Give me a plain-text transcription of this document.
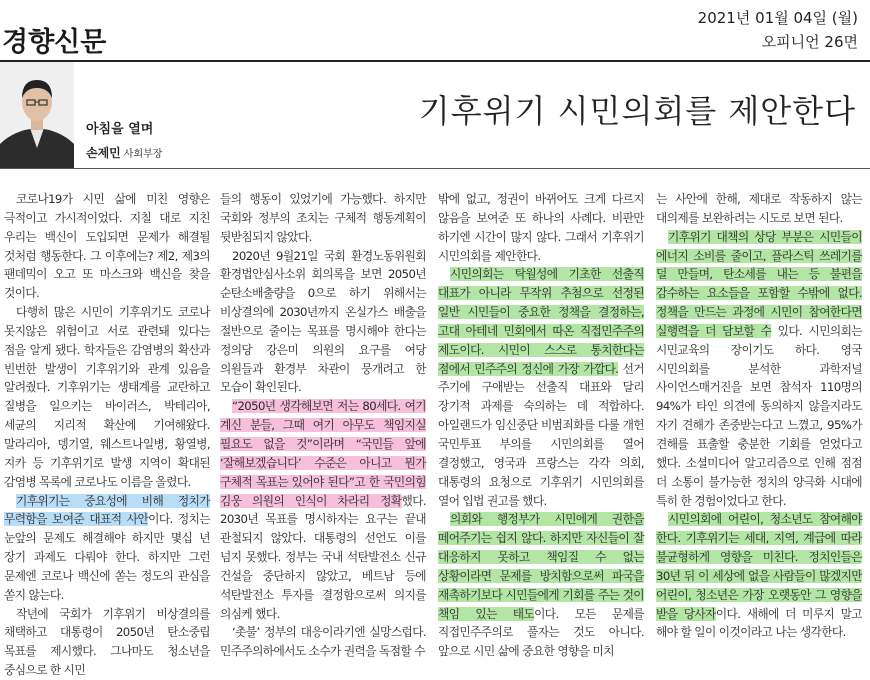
경향신문
2021년 01월 04일 (월)
오피니언 26면
아침을 열며
손제민 사회부장
기후위기 시민의회를 제안한다

코로나19가 시민 삶에 미친 영향은 극적이고 가시적이었다. 지칠 대로 지친 우리는 백신이 도입되면 문제가 해결될 것처럼 행동한다. 그 이후에는? 제2, 제3의 팬데믹이 오고 또 마스크와 백신을 찾을 것이다.

다행히 많은 시민이 기후위기도 코로나 못지않은 위험이고 서로 관련돼 있다는 점을 알게 됐다. 학자들은 감염병의 확산과 빈번한 발생이 기후위기와 관계 있음을 알려줬다. 기후위기는 생태계를 교란하고 질병을 일으키는 바이러스, 박테리아, 세균의 지리적 확산에 기여해왔다. 말라리아, 뎅기열, 웨스트나일병, 황열병, 지카 등 기후위기로 발생 지역이 확대된 감염병 목록에 코로나도 이름을 올렸다.

기후위기는 중요성에 비해 정치가 무력함을 보여준 대표적 사안이다. 정치는 눈앞의 문제도 해결해야 하지만 몇십 년 장기 과제도 다뤄야 한다. 하지만 그런 문제엔 코로나 백신에 쏟는 정도의 관심을 쏟지 않는다.

작년에 국회가 기후위기 비상결의를 채택하고 대통령이 2050년 탄소중립 목표를 제시했다. 그나마도 청소년을 중심으로 한 시민

들의 행동이 있었기에 가능했다. 하지만 국회와 정부의 조치는 구체적 행동계획이 뒷받침되지 않았다.

2020년 9월21일 국회 환경노동위원회 환경법안심사소위 회의록을 보면 2050년 순탄소배출량을 0으로 하기 위해서는 비상결의에 2030년까지 온실가스 배출을 절반으로 줄이는 목표를 명시해야 한다는 정의당 강은미 의원의 요구를 여당 의원들과 환경부 차관이 뭉개려고 한 모습이 확인된다.

“2050년 생각해보면 저는 80세다. 여기 계신 분들, 그때 여기 아무도 책임지실 필요도 없을 것”이라며 “국민들 앞에 ‘잘해보겠습니다’ 수준은 아니고 뭔가 구체적 목표는 있어야 된다”고 한 국민의힘 김웅 의원의 인식이 차라리 정확했다. 2030년 목표를 명시하자는 요구는 끝내 관철되지 않았다. 대통령의 선언도 이를 넘지 못했다. 정부는 국내 석탄발전소 신규 건설을 중단하지 않았고, 베트남 등에 석탄발전소 투자를 결정함으로써 의지를 의심케 했다.

‘촛불’ 정부의 대응이라기엔 실망스럽다. 민주주의하에서도 소수가 권력을 독점할 수

밖에 없고, 정권이 바뀌어도 크게 다르지 않음을 보여준 또 하나의 사례다. 비판만 하기엔 시간이 많지 않다. 그래서 기후위기 시민의회를 제안한다.

시민의회는 탁월성에 기초한 선출직 대표가 아니라 무작위 추첨으로 선정된 일반 시민들이 중요한 정책을 결정하는, 고대 아테네 민회에서 따온 직접민주주의 제도이다. 시민이 스스로 통치한다는 점에서 민주주의 정신에 가장 가깝다. 선거 주기에 구애받는 선출직 대표와 달리 장기적 과제를 숙의하는 데 적합하다. 아일랜드가 임신중단 비범죄화를 다룰 개헌 국민투표 부의를 시민의회를 열어 결정했고, 영국과 프랑스는 각각 의회, 대통령의 요청으로 기후위기 시민의회를 열어 입법 권고를 했다.

의회와 행정부가 시민에게 권한을 떼어주기는 쉽지 않다. 하지만 자신들이 잘 대응하지 못하고 책임질 수 없는 상황이라면 문제를 방치함으로써 파국을 재촉하기보다 시민들에게 기회를 주는 것이 책임 있는 태도이다. 모든 문제를 직접민주주의로 풀자는 것도 아니다. 앞으로 시민 삶에 중요한 영향을 미치

는 사안에 한해, 제대로 작동하지 않는 대의제를 보완하려는 시도로 보면 된다.

기후위기 대책의 상당 부분은 시민들이 에너지 소비를 줄이고, 플라스틱 쓰레기를 덜 만들며, 탄소세를 내는 등 불편을 감수하는 요소들을 포함할 수밖에 없다. 정책을 만드는 과정에 시민이 참여한다면 실행력을 더 담보할 수 있다. 시민의회는 시민교육의 장이기도 하다. 영국 시민의회를 분석한 과학저널 사이언스매거진을 보면 참석자 110명의 94%가 타인 의견에 동의하지 않을지라도 자기 견해가 존중받는다고 느꼈고, 95%가 견해를 표출할 충분한 기회를 얻었다고 했다. 소셜미디어 알고리즘으로 인해 점점 더 소통이 불가능한 정치의 양극화 시대에 특히 한 경험이었다고 한다.

시민의회에 어린이, 청소년도 참여해야 한다. 기후위기는 세대, 지역, 계급에 따라 불균형하게 영향을 미친다. 정치인들은 30년 뒤 이 세상에 없을 사람들이 많겠지만 어린이, 청소년은 가장 오랫동안 그 영향을 받을 당사자이다. 새해에 더 미루지 말고 해야 할 일이 이것이라고 나는 생각한다.
